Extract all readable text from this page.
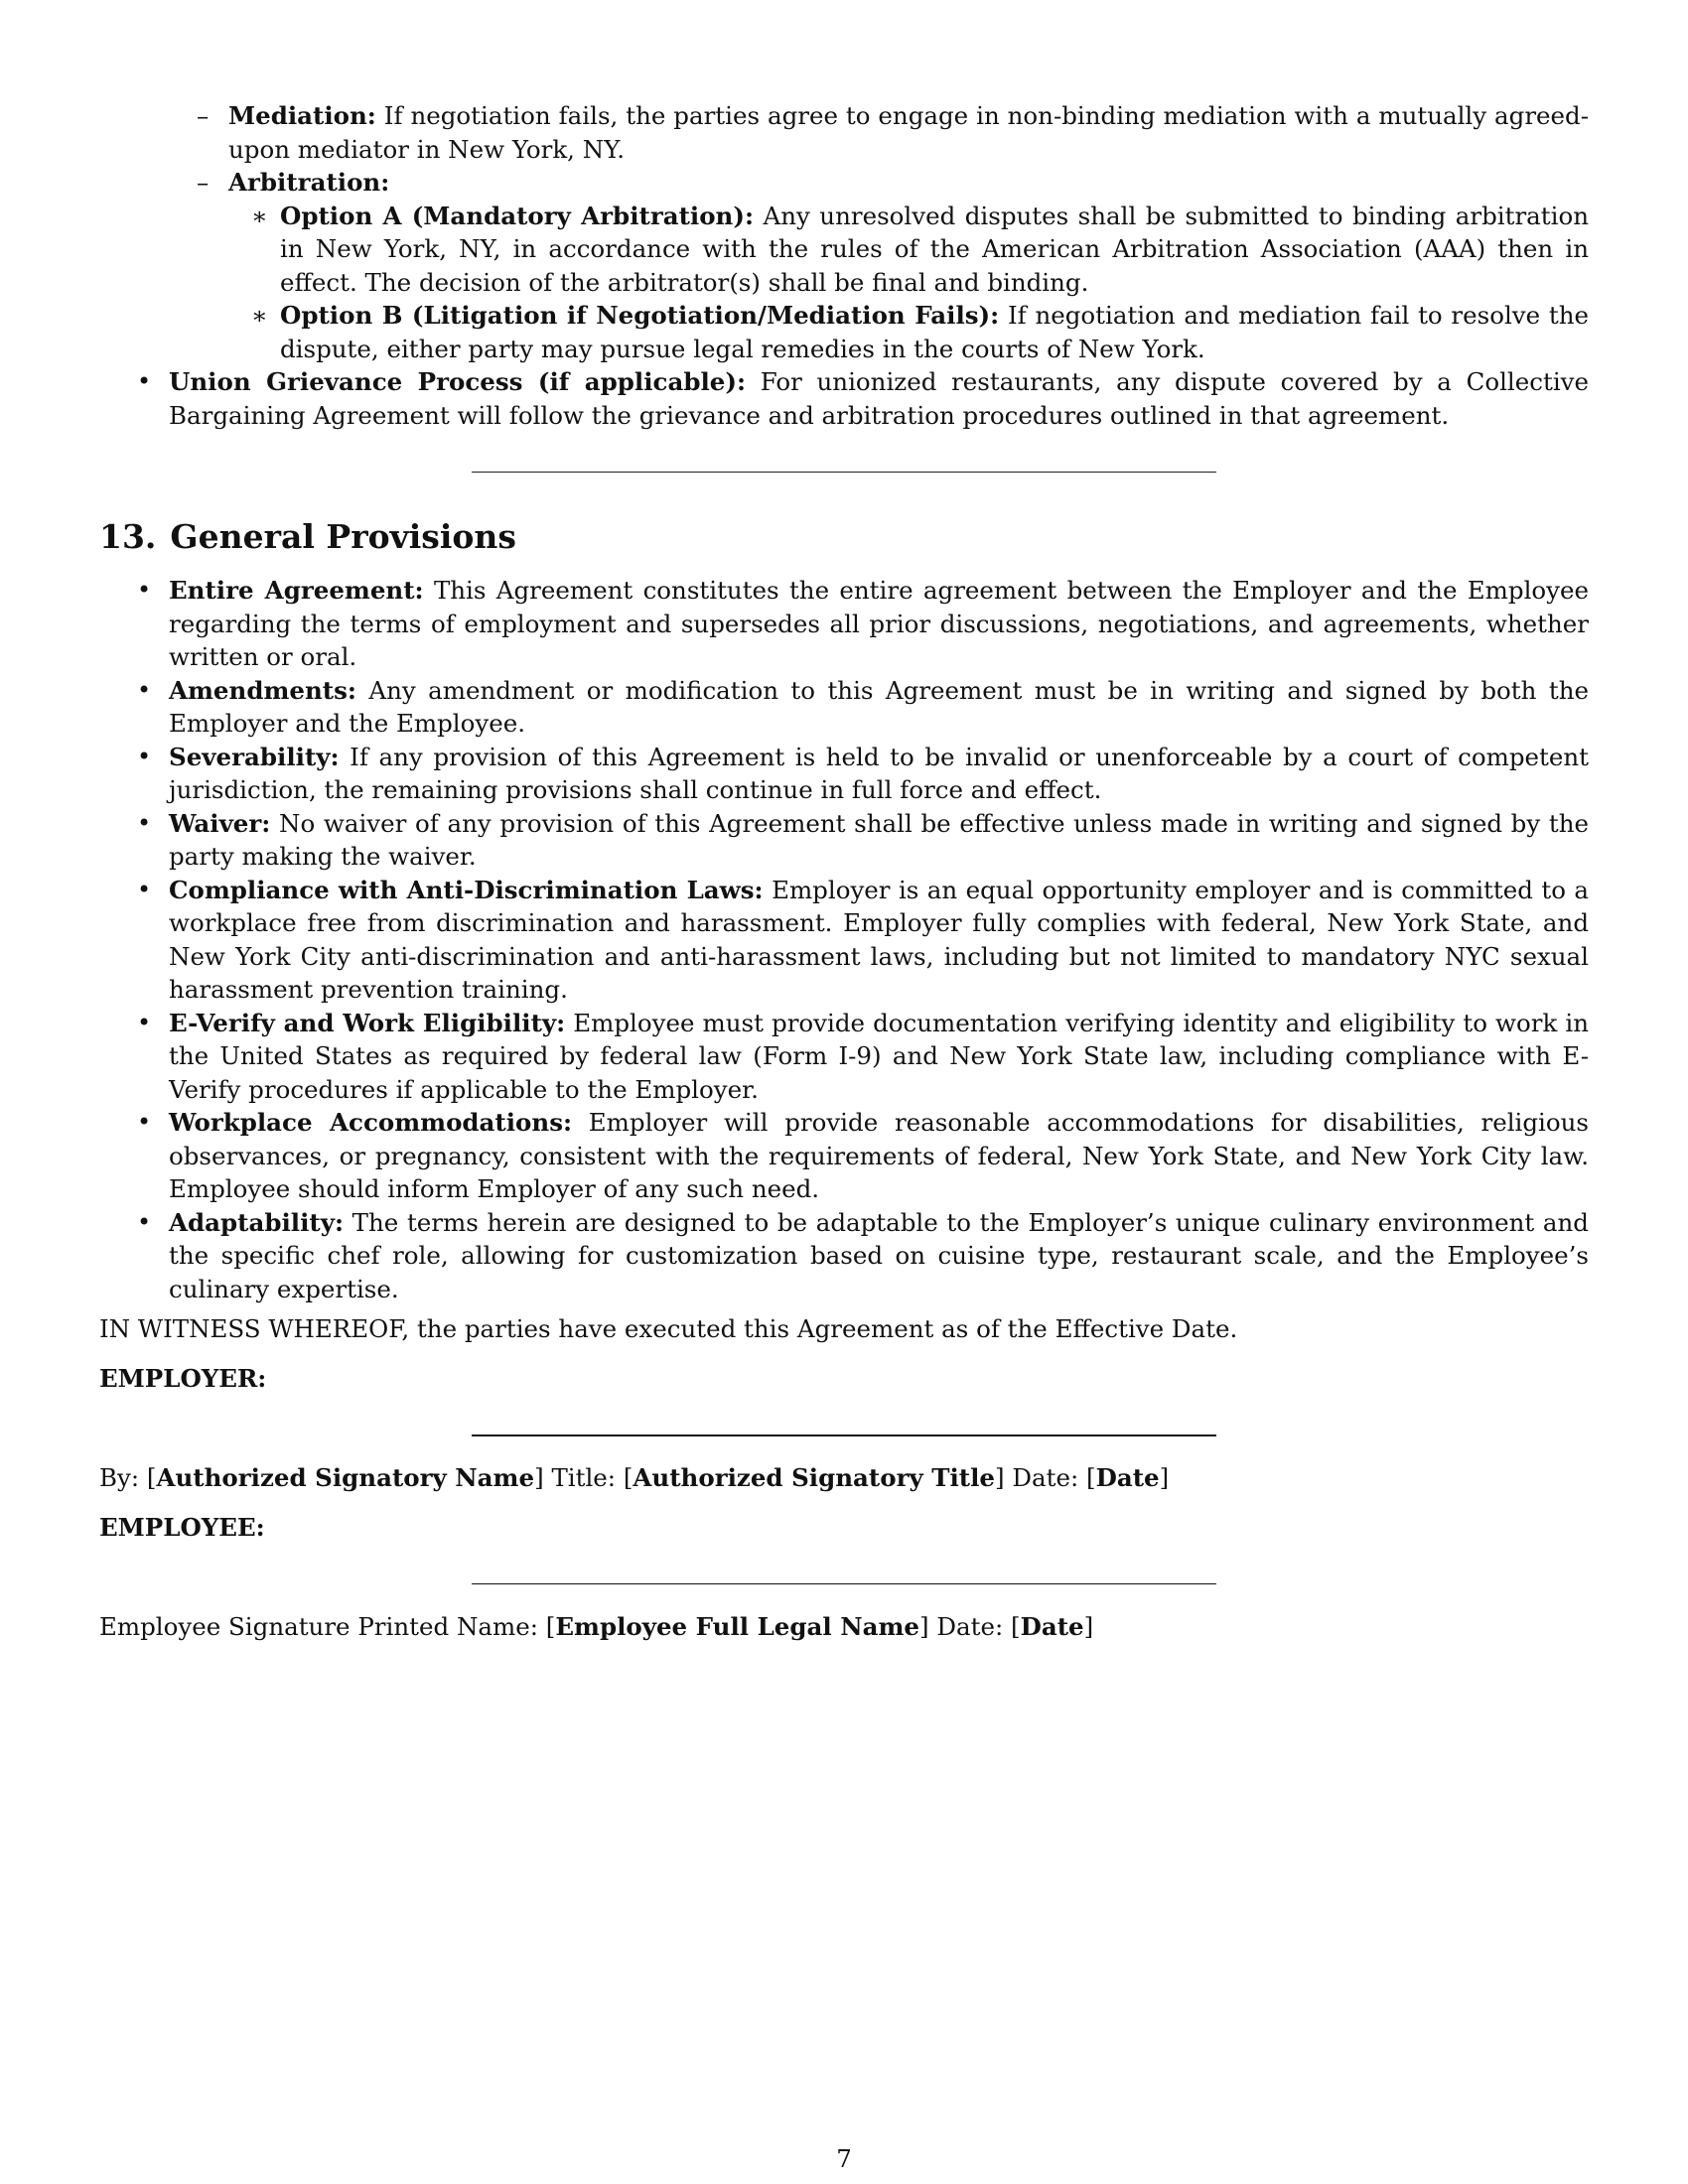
– Mediation: If negotiation fails, the parties agree to engage in non-binding mediation with a mutually agreed-upon mediator in New York, NY.
– Arbitration:
∗ Option A (Mandatory Arbitration): Any unresolved disputes shall be submitted to binding arbitration in New York, NY, in accordance with the rules of the American Arbitration Association (AAA) then in effect. The decision of the arbitrator(s) shall be final and binding.
∗ Option B (Litigation if Negotiation/Mediation Fails): If negotiation and mediation fail to resolve the dispute, either party may pursue legal remedies in the courts of New York.
• Union Grievance Process (if applicable): For unionized restaurants, any dispute covered by a Collective Bargaining Agreement will follow the grievance and arbitration procedures outlined in that agreement.
13. General Provisions
• Entire Agreement: This Agreement constitutes the entire agreement between the Employer and the Employee regarding the terms of employment and supersedes all prior discussions, negotiations, and agreements, whether written or oral.
• Amendments: Any amendment or modification to this Agreement must be in writing and signed by both the Employer and the Employee.
• Severability: If any provision of this Agreement is held to be invalid or unenforceable by a court of competent jurisdiction, the remaining provisions shall continue in full force and effect.
• Waiver: No waiver of any provision of this Agreement shall be effective unless made in writing and signed by the party making the waiver.
• Compliance with Anti-Discrimination Laws: Employer is an equal opportunity employer and is committed to a workplace free from discrimination and harassment. Employer fully complies with federal, New York State, and New York City anti-discrimination and anti-harassment laws, including but not limited to mandatory NYC sexual harassment prevention training.
• E-Verify and Work Eligibility: Employee must provide documentation verifying identity and eligibility to work in the United States as required by federal law (Form I-9) and New York State law, including compliance with E-Verify procedures if applicable to the Employer.
• Workplace Accommodations: Employer will provide reasonable accommodations for disabilities, religious observances, or pregnancy, consistent with the requirements of federal, New York State, and New York City law. Employee should inform Employer of any such need.
• Adaptability: The terms herein are designed to be adaptable to the Employer’s unique culinary environment and the specific chef role, allowing for customization based on cuisine type, restaurant scale, and the Employee’s culinary expertise.
IN WITNESS WHEREOF, the parties have executed this Agreement as of the Effective Date.
EMPLOYER:
By: [Authorized Signatory Name] Title: [Authorized Signatory Title] Date: [Date]
EMPLOYEE:
Employee Signature Printed Name: [Employee Full Legal Name] Date: [Date]
7
